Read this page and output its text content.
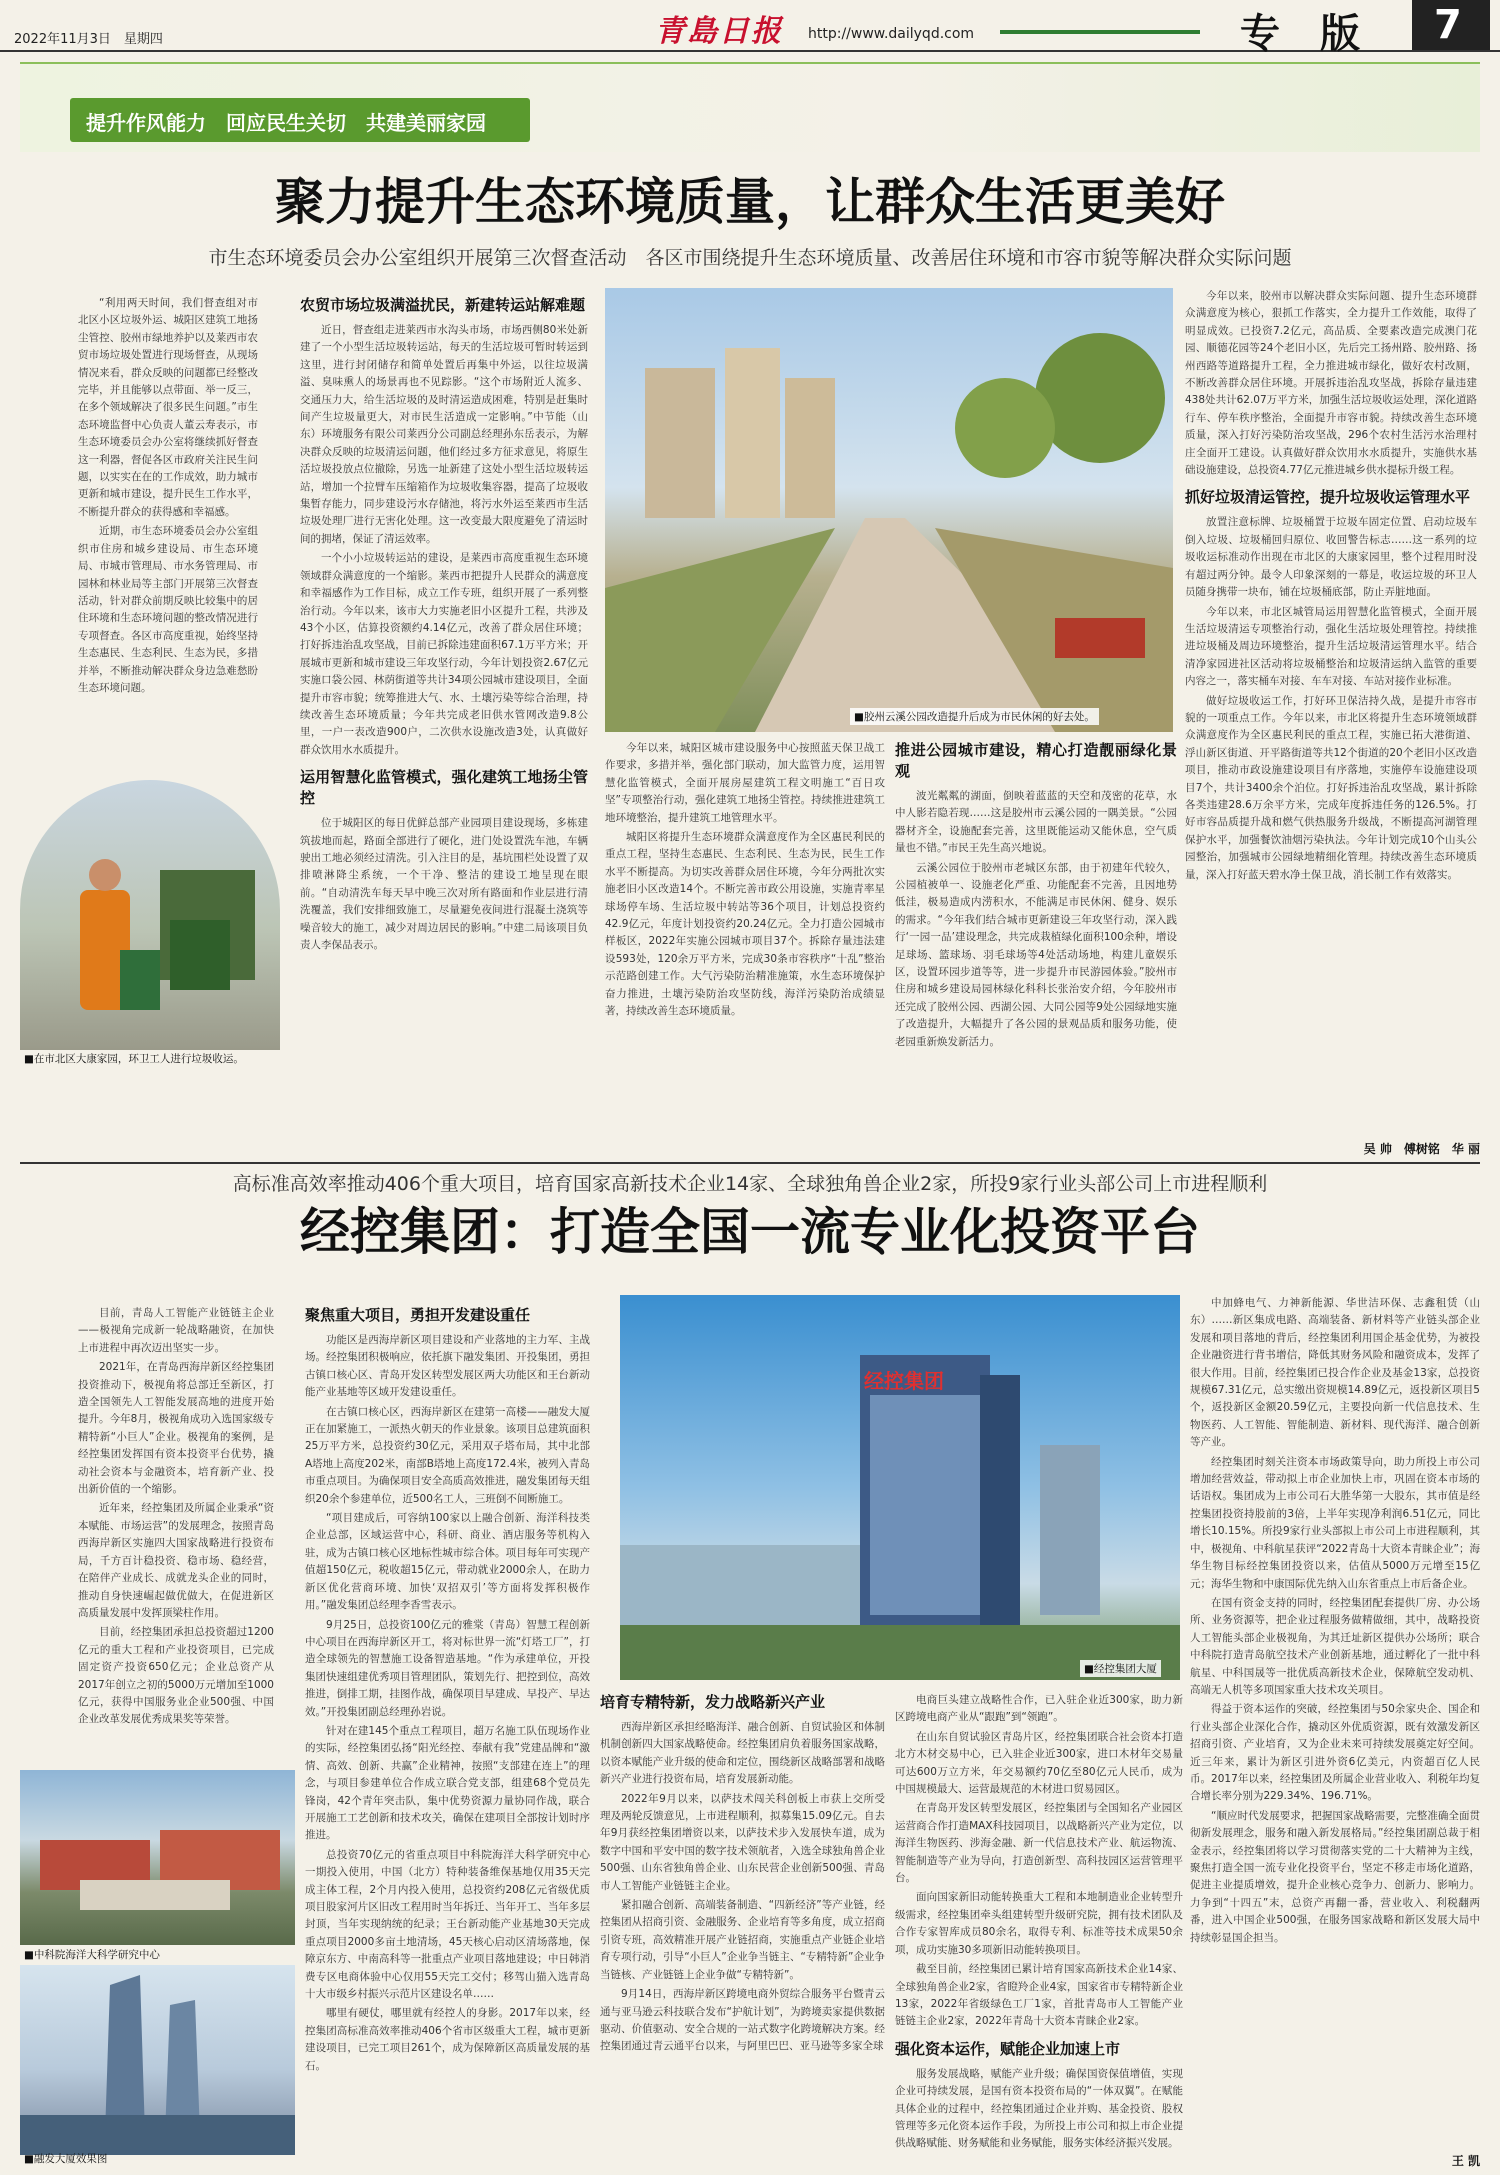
2022年11月3日　星期四	青島日报 http://www.dailyqd.com	专　版 7
提升作风能力　回应民生关切　共建美丽家园
聚力提升生态环境质量，让群众生活更美好
市生态环境委员会办公室组织开展第三次督查活动　各区市围绕提升生态环境质量、改善居住环境和市容市貌等解决群众实际问题

“利用两天时间，我们督查组对市北区小区垃圾外运、城阳区建筑工地扬尘管控、胶州市绿地养护以及莱西市农贸市场垃圾处置进行现场督查，从现场情况来看，群众反映的问题都已经整改完毕，并且能够以点带面、举一反三，在多个领域解决了很多民生问题。”市生态环境监督中心负责人董云寿表示，市生态环境委员会办公室将继续抓好督查这一利器，督促各区市政府关注民生问题，以实实在在的工作成效，助力城市更新和城市建设，提升民生工作水平，不断提升群众的获得感和幸福感。

近期，市生态环境委员会办公室组织市住房和城乡建设局、市生态环境局、市城市管理局、市水务管理局、市园林和林业局等主部门开展第三次督查活动，针对群众前期反映比较集中的居住环境和生态环境问题的整改情况进行专项督查。各区市高度重视，始终坚持生态惠民、生态利民、生态为民，多措并举，不断推动解决群众身边急难愁盼生态环境问题。

■在市北区大康家园，环卫工人进行垃圾收运。
农贸市场垃圾满溢扰民，新建转运站解难题

近日，督查组走进莱西市水沟头市场，市场西侧80米处新建了一个小型生活垃圾转运站，每天的生活垃圾可暂时转运到这里，进行封闭储存和简单处置后再集中外运，以往垃圾满溢、臭味熏人的场景再也不见踪影。“这个市场附近人流多、交通压力大，给生活垃圾的及时清运造成困难，特别是赶集时间产生垃圾量更大，对市民生活造成一定影响。”中节能（山东）环境服务有限公司莱西分公司副总经理孙东岳表示，为解决群众反映的垃圾清运问题，他们经过多方征求意见，将原生活垃圾投放点位撤除，另选一址新建了这处小型生活垃圾转运站，增加一个拉臂车压缩箱作为垃圾收集容器，提高了垃圾收集暂存能力，同步建设污水存储池，将污水外运至莱西市生活垃圾处理厂进行无害化处理。这一改变最大限度避免了清运时间的拥堵，保证了清运效率。

一个小小垃圾转运站的建设，是莱西市高度重视生态环境领域群众满意度的一个缩影。莱西市把提升人民群众的满意度和幸福感作为工作目标，成立工作专班，组织开展了一系列整治行动。今年以来，该市大力实施老旧小区提升工程，共涉及43个小区，估算投资额约4.14亿元，改善了群众居住环境；打好拆违治乱攻坚战，目前已拆除违建面积67.1万平方米；开展城市更新和城市建设三年攻坚行动，今年计划投资2.67亿元实施口袋公园、林荫街道等共计34项公园城市建设项目，全面提升市容市貌；统筹推进大气、水、土壤污染等综合治理，持续改善生态环境质量；今年共完成老旧供水管网改造9.8公里，一户一表改造900户，二次供水设施改造3处，认真做好群众饮用水水质提升。

运用智慧化监管模式，强化建筑工地扬尘管控

位于城阳区的每日优鲜总部产业园项目建设现场，多栋建筑拔地而起，路面全部进行了硬化，进门处设置洗车池，车辆驶出工地必须经过清洗。引入注目的是，基坑围栏处设置了双排喷淋降尘系统，一个干净、整洁的建设工地呈现在眼前。“自动清洗车每天早中晚三次对所有路面和作业层进行清洗覆盖，我们安排细致施工，尽量避免夜间进行混凝土浇筑等噪音较大的施工，减少对周边居民的影响。”中建二局该项目负责人李保品表示。

■胶州云溪公园改造提升后成为市民休闲的好去处。

今年以来，城阳区城市建设服务中心按照蓝天保卫战工作要求，多措并举，强化部门联动，加大监管力度，运用智慧化监管模式，全面开展房屋建筑工程文明施工“百日攻坚”专项整治行动，强化建筑工地扬尘管控。持续推进建筑工地环境整治，提升建筑工地管理水平。

城阳区将提升生态环境群众满意度作为全区惠民利民的重点工程，坚持生态惠民、生态利民、生态为民，民生工作水平不断提高。为切实改善群众居住环境，今年分两批次实施老旧小区改造14个。不断完善市政公用设施，实施青率星球场停车场、生活垃圾中转站等36个项目，计划总投资约42.9亿元，年度计划投资约20.24亿元。全力打造公园城市样板区，2022年实施公园城市项目37个。拆除存量违法建设593处，120余万平方米，完成30条市容秩序“十乱”整治示范路创建工作。大气污染防治精准施策，水生态环境保护奋力推进，土壤污染防治攻坚防线，海洋污染防治成绩显著，持续改善生态环境质量。

推进公园城市建设，精心打造靓丽绿化景观

波光粼粼的湖面，倒映着蓝蓝的天空和茂密的花草，水中人影若隐若现……这是胶州市云溪公园的一隅美景。“公园器材齐全，设施配套完善，这里既能运动又能休息，空气质量也不错。”市民王先生高兴地说。

云溪公园位于胶州市老城区东部，由于初建年代较久，公园植被单一、设施老化严重、功能配套不完善，且因地势低洼，极易造成内涝积水，不能满足市民休闲、健身、娱乐的需求。“今年我们结合城市更新建设三年攻坚行动，深入践行‘一园一品’建设理念，共完成栽植绿化面积100余种，增设足球场、篮球场、羽毛球场等4处活动场地，构建儿童娱乐区，设置环园步道等等，进一步提升市民游园体验。”胶州市住房和城乡建设局园林绿化科科长张治安介绍，今年胶州市还完成了胶州公园、西湖公园、大同公园等9处公园绿地实施了改造提升，大幅提升了各公园的景观品质和服务功能，使老园重新焕发新活力。

今年以来，胶州市以解决群众实际问题、提升生态环境群众满意度为核心，狠抓工作落实，全力提升工作效能，取得了明显成效。已投资7.2亿元，高品质、全要素改造完成澳门花园、顺德花园等24个老旧小区，先后完工扬州路、胶州路、扬州西路等道路提升工程，全力推进城市绿化，做好农村改厕，不断改善群众居住环境。开展拆违治乱攻坚战，拆除存量违建438处共计62.07万平方米，加强生活垃圾收运处理，深化道路行车、停车秩序整治，全面提升市容市貌。持续改善生态环境质量，深入打好污染防治攻坚战，296个农村生活污水治理村庄全面开工建设。认真做好群众饮用水水质提升，实施供水基础设施建设，总投资4.77亿元推进城乡供水提标升级工程。

抓好垃圾清运管控，提升垃圾收运管理水平

放置注意标牌、垃圾桶置于垃圾车固定位置、启动垃圾车倒入垃圾、垃圾桶回归原位、收回警告标志……这一系列的垃圾收运标准动作出现在市北区的大康家园里，整个过程用时没有超过两分钟。最令人印象深刻的一幕是，收运垃圾的环卫人员随身携带一块布，铺在垃圾桶底部，防止弄脏地面。

今年以来，市北区城管局运用智慧化监管模式，全面开展生活垃圾清运专项整治行动，强化生活垃圾处理管控。持续推进垃圾桶及周边环境整治，提升生活垃圾清运管理水平。结合清净家园进社区活动将垃圾桶整治和垃圾清运纳入监管的重要内容之一，落实桶车对接、车车对接、车站对接作业标准。

做好垃圾收运工作，打好环卫保洁持久战，是提升市容市貌的一项重点工作。今年以来，市北区将提升生态环境领域群众满意度作为全区惠民利民的重点工程，实施已拓大港街道、浮山新区街道、开平路街道等共12个街道的20个老旧小区改造项目，推动市政设施建设项目有序落地，实施停车设施建设项目7个，共计3400余个泊位。打好拆违治乱攻坚战，累计拆除各类违建28.6万余平方米，完成年度拆违任务的126.5%。打好市容品质提升战和燃气供热服务升级战，不断提高河湖管理保护水平，加强餐饮油烟污染执法。今年计划完成10个山头公园整治，加强城市公园绿地精细化管理。持续改善生态环境质量，深入打好蓝天碧水净土保卫战，消长制工作有效落实。

吴 帅　傅树铭　华 丽
高标准高效率推动406个重大项目，培育国家高新技术企业14家、全球独角兽企业2家，所投9家行业头部公司上市进程顺利
经控集团：打造全国一流专业化投资平台

目前，青岛人工智能产业链链主企业——极视角完成新一轮战略融资，在加快上市进程中再次迈出坚实一步。

2021年，在青岛西海岸新区经控集团投资推动下，极视角将总部迁至新区，打造全国领先人工智能发展高地的进度开始提升。今年8月，极视角成功入选国家级专精特新“小巨人”企业。极视角的案例，是经控集团发挥国有资本投资平台优势，撬动社会资本与金融资本，培育新产业、投出新价值的一个缩影。

近年来，经控集团及所属企业秉承“资本赋能、市场运营”的发展理念，按照青岛西海岸新区实施四大国家战略进行投资布局，千方百计稳投资、稳市场、稳经营，在陪伴产业成长、成就龙头企业的同时，推动自身快速崛起做优做大，在促进新区高质量发展中发挥顶梁柱作用。

目前，经控集团承担总投资超过1200亿元的重大工程和产业投资项目，已完成固定资产投资650亿元；企业总资产从2017年创立之初的5000万元增加至1000亿元，获得中国服务业企业500强、中国企业改革发展优秀成果奖等荣誉。

■中科院海洋大科学研究中心
■融发大厦效果图
聚焦重大项目，勇担开发建设重任

功能区是西海岸新区项目建设和产业落地的主力军、主战场。经控集团积极响应，依托旗下融发集团、开投集团，勇担古镇口核心区、青岛开发区转型发展区两大功能区和王台新动能产业基地等区域开发建设重任。

在古镇口核心区，西海岸新区在建第一高楼——融发大厦正在加紧施工，一派热火朝天的作业景象。该项目总建筑面积25万平方米，总投资约30亿元，采用双子塔布局，其中北部A塔地上高度202米，南部B塔地上高度172.4米，被列入青岛市重点项目。为确保项目安全高质高效推进，融发集团每天组织20余个参建单位，近500名工人，三班倒不间断施工。

“项目建成后，可容纳100家以上融合创新、海洋科技类企业总部，区域运营中心，科研、商业、酒店服务等机构入驻，成为古镇口核心区地标性城市综合体。项目每年可实现产值超150亿元，税收超15亿元，带动就业2000余人，在助力新区优化营商环境、加快‘双招双引’等方面将发挥积极作用。”融发集团总经理李香雪表示。

9月25日，总投资100亿元的雅棠（青岛）智慧工程创新中心项目在西海岸新区开工，将对标世界一流“灯塔工厂”，打造全球领先的智慧施工设备智造基地。“作为承建单位，开投集团快速组建优秀项目管理团队，策划先行、把控到位，高效推进，倒排工期，挂图作战，确保项目早建成、早投产、早达效。”开投集团副总经理孙岩说。

针对在建145个重点工程项目，超万名施工队伍现场作业的实际，经控集团弘扬“阳光经控、奉献有我”党建品牌和“激情、高效、创新、共赢”企业精神，按照“支部建在连上”的理念，与项目参建单位合作成立联合党支部，组建68个党员先锋岗，42个青年突击队，集中优势资源力量协同作战，联合开展施工工艺创新和技术攻关，确保在建项目全部按计划时序推进。

总投资70亿元的省重点项目中科院海洋大科学研究中心一期投入使用，中国（北方）特种装备维保基地仅用35天完成主体工程，2个月内投入使用，总投资约208亿元省级优质项目股家河片区旧改工程用时当年拆迁、当年开工、当年多层封顶，当年实现纳统的纪录；王台新动能产业基地30天完成重点项目2000多亩土地清场，45天核心启动区清场落地，保障京东方、中南高科等一批重点产业项目落地建设；中日韩消费专区电商体验中心仅用55天完工交付；移驾山猫入选青岛十大市级乡村振兴示范片区建设名单……

哪里有硬仗，哪里就有经控人的身影。2017年以来，经控集团高标准高效率推动406个省市区级重大工程，城市更新建设项目，已完工项目261个，成为保障新区高质量发展的基石。

经控集团
■经控集团大厦
培育专精特新，发力战略新兴产业

西海岸新区承担经略海洋、融合创新、自贸试验区和体制机制创新四大国家战略使命。经控集团肩负着服务国家战略，以资本赋能产业升级的使命和定位，围绕新区战略部署和战略新兴产业进行投资布局，培育发展新动能。

2022年9月以来，以萨技术闯关科创板上市获上交所受理及两轮反馈意见，上市进程顺利，拟募集15.09亿元。自去年9月获经控集团增资以来，以萨技术步入发展快车道，成为数字中国和平安中国的数字技术领航者，入选全球独角兽企业500强、山东省独角兽企业、山东民营企业创新500强、青岛市人工智能产业链链主企业。

紧扣融合创新、高端装备制造、“四新经济”等产业链，经控集团从招商引资、金融服务、企业培育等多角度，成立招商引资专班，高效精准开展产业链招商，实施重点产业链企业培育专项行动，引导“小巨人”企业争当链主、“专精特新”企业争当链核、产业链链上企业争做“专精特新”。

9月14日，西海岸新区跨境电商外贸综合服务平台暨青云通与亚马逊云科技联合发布“护航计划”，为跨境卖家提供数据驱动、价值驱动、安全合规的一站式数字化跨境解决方案。经控集团通过青云通平台以来，与阿里巴巴、亚马逊等多家全球

电商巨头建立战略性合作，已入驻企业近300家，助力新区跨境电商产业从“跟跑”到“领跑”。

在山东自贸试验区青岛片区，经控集团联合社会资本打造北方木材交易中心，已入驻企业近300家，进口木材年交易量可达600万立方米，年交易额约70亿至80亿元人民币，成为中国规模最大、运营最规范的木材进口贸易园区。

在青岛开发区转型发展区，经控集团与全国知名产业园区运营商合作打造MAX科技园项目，以战略新兴产业为定位，以海洋生物医药、涉海金融、新一代信息技术产业、航运物流、智能制造等产业为导向，打造创新型、高科技园区运营管理平台。

面向国家新旧动能转换重大工程和本地制造业企业转型升级需求，经控集团牵头组建转型升级研究院，拥有技术团队及合作专家智库成员80余名，取得专利、标准等技术成果50余项，成功实施30多项新旧动能转换项目。

截至目前，经控集团已累计培育国家高新技术企业14家、全球独角兽企业2家，省瞪羚企业4家，国家省市专精特新企业13家，2022年省级绿色工厂1家，首批青岛市人工智能产业链链主企业2家，2022年青岛十大资本青睐企业2家。

强化资本运作，赋能企业加速上市

服务发展战略，赋能产业升级；确保国资保值增值，实现企业可持续发展，是国有资本投资布局的“一体双翼”。在赋能具体企业的过程中，经控集团通过企业并购、基金投资、股权管理等多元化资本运作手段，为所投上市公司和拟上市企业提供战略赋能、财务赋能和业务赋能，服务实体经济振兴发展。

中加蜂电气、力神新能源、华世洁环保、志鑫租赁（山东）……新区集成电路、高端装备、新材料等产业链头部企业发展和项目落地的背后，经控集团利用国企基金优势，为被投企业融资进行背书增信，降低其财务风险和融资成本，发挥了很大作用。目前，经控集团已投合作企业及基金13家，总投资规模67.31亿元，总实缴出资规模14.89亿元，返投新区项目5个，返投新区金额20.59亿元，主要投向新一代信息技术、生物医药、人工智能、智能制造、新材料、现代海洋、融合创新等产业。

经控集团时刻关注资本市场政策导向，助力所投上市公司增加经营效益，带动拟上市企业加快上市，巩固在资本市场的话语权。集团成为上市公司石大胜华第一大股东，其市值是经控集团投资持股前的3倍，上半年实现净利润6.51亿元，同比增长10.15%。所投9家行业头部拟上市公司上市进程顺利，其中，极视角、中科航星获评“2022青岛十大资本青睐企业”；海华生物目标经控集团投资以来，估值从5000万元增至15亿元；海华生物和中康国际优先纳入山东省重点上市后备企业。

在国有资金支持的同时，经控集团配套提供厂房、办公场所、业务资源等，把企业过程服务做精做细，其中，战略投资人工智能头部企业极视角，为其迁址新区提供办公场所；联合中科院打造青岛航空技术产业创新基地，通过孵化了一批中科航星、中科国晟等一批优质高新技术企业，保障航空发动机、高端无人机等多项国家重大技术攻关项目。

得益于资本运作的突破，经控集团与50余家央企、国企和行业头部企业深化合作，撬动区外优质资源，既有效激发新区招商引资、产业培育，又为企业未来可持续发展奠定好空间。近三年来，累计为新区引进外资6亿美元，内资超百亿人民币。2017年以来，经控集团及所属企业营业收入、利税年均复合增长率分别为229.34%、196.71%。

“顺应时代发展要求，把握国家战略需要，完整准确全面贯彻新发展理念，服务和融入新发展格局。”经控集团副总裁于相金表示，经控集团将以学习贯彻落实党的二十大精神为主线，聚焦打造全国一流专业化投资平台，坚定不移走市场化道路，促进主业提质增效，提升企业核心竞争力、创新力、影响力。力争到“十四五”末，总资产再翻一番，营业收入、利税翻两番，进入中国企业500强，在服务国家战略和新区发展大局中持续彰显国企担当。

王 凯
